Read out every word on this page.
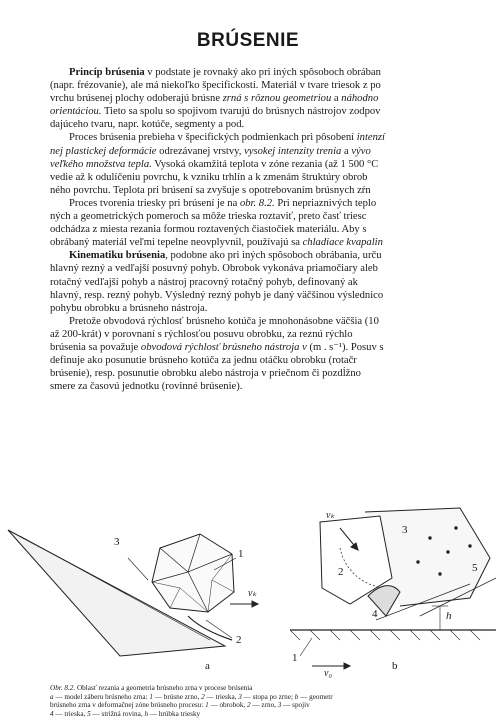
BRÚSENIE
Princíp brúsenia v podstate je rovnaký ako pri iných spôsoboch obrában
(napr. frézovanie), ale má niekoľko špecifickostí. Materiál v tvare triesok z po
vrchu brúsenej plochy odoberajú brúsne zrná s rôznou geometriou a náhodno
orientáciou. Tieto sa spolu so spojivom tvarujú do brúsnych nástrojov zodpov
dajúceho tvaru, napr. kotúče, segmenty a pod.
Proces brúsenia prebieha v špecifických podmienkach pri pôsobení intenzí
nej plastickej deformácie odrezávanej vrstvy, vysokej intenzity trenia a vývo
veľkého množstva tepla. Vysoká okamžitá teplota v zóne rezania (až 1 500 °C
vedie až k odulíčeniu povrchu, k vzniku trhlín a k zmenám štruktúry obrob
ného povrchu. Teplota pri brúsení sa zvyšuje s opotrebovaním brúsnych zŕn
Proces tvorenia triesky pri brúsení je na obr. 8.2. Pri nepriaznivých teplo
ných a geometrických pomeroch sa môže trieska roztaviť, preto časť triesc
odchádza z miesta rezania formou roztavených čiastočiek materiálu. Aby s
obrábaný materiál veľmi tepelne neovplyvnil, používajú sa chladiace kvapalin
Kinematiku brúsenia, podobne ako pri iných spôsoboch obrábania, urču
hlavný rezný a vedľajší posuvný pohyb. Obrobok vykonáva priamočiary aleb
rotačný vedľajší pohyb a nástroj pracovný rotačný pohyb, definovaný ak
hlavný, resp. rezný pohyb. Výsledný rezný pohyb je daný väčšinou výslednico
pohybu obrobku a brúsneho nástroja.
Pretože obvodová rýchlosť brúsneho kotúča je mnohonásobne väčšia (10
až 200-krát) v porovnaní s rýchlosťou posuvu obrobku, za reznú rýchlo
brúsenia sa považuje obvodová rýchlosť brúsneho nástroja v (m . s⁻¹). Posuv s
definuje ako posunutie brúsneho kotúča za jednu otáčku obrobku (rotačr
brúsenie), resp. posunutie obrobku alebo nástroja v priečnom či pozdĺžno
smere za časovú jednotku (rovinné brúsenie).
3
1
2
vₖ
a
vₖ
2
3
4
5
h
1
v₀
b
Obr. 8.2. Oblasť rezania a geometria brúsneho zrna v procese brúsenia
a — model záberu brúsneho zrna: 1 — brúsne zrno, 2 — trieska, 3 — stopa po zrne; b — geometr
brúsneho zrna v deformačnej zóne brúsneho procesu: 1 — obrobok, 2 — zrno, 3 — spojiv
4 — trieska, 5 — strižná rovina, h — hrúbka triesky
